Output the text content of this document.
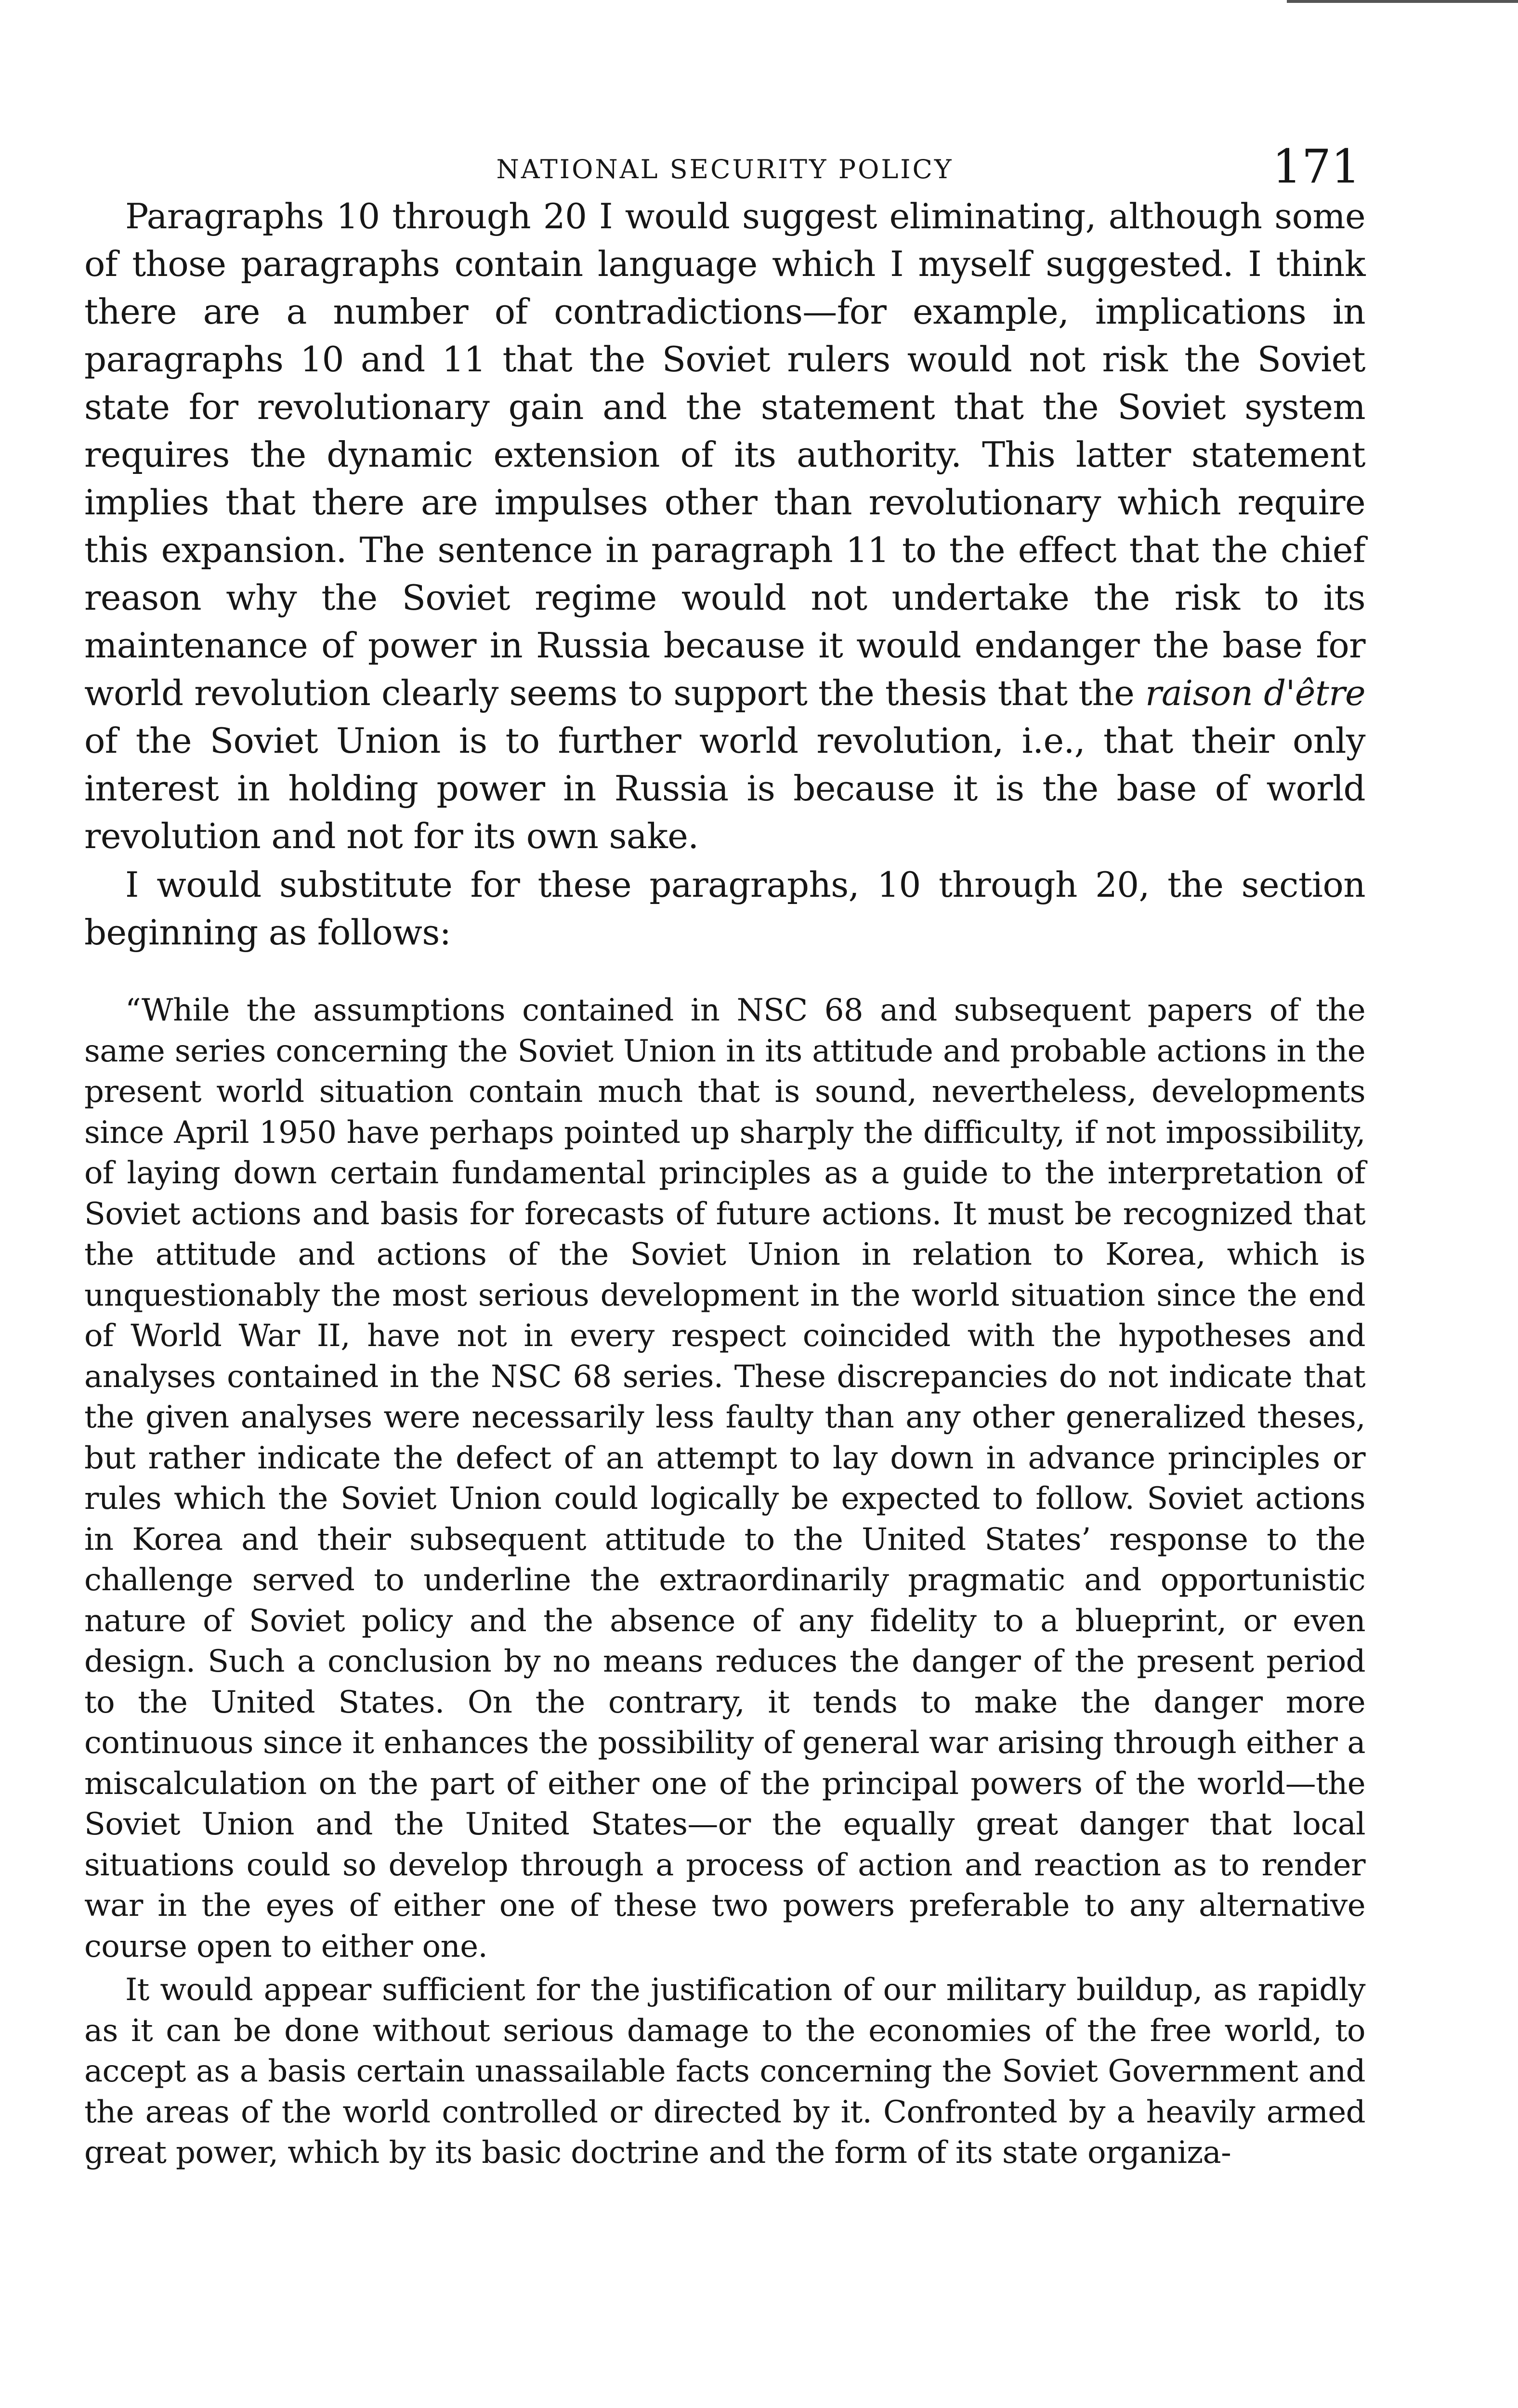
NATIONAL SECURITY POLICY	171

Paragraphs 10 through 20 I would suggest eliminating, although some of those paragraphs contain language which I myself suggested. I think there are a number of contradictions—for example, implications in paragraphs 10 and 11 that the Soviet rulers would not risk the Soviet state for revolutionary gain and the statement that the Soviet system requires the dynamic extension of its authority. This latter statement implies that there are impulses other than revolutionary which require this expansion. The sentence in paragraph 11 to the effect that the chief reason why the Soviet regime would not undertake the risk to its maintenance of power in Russia because it would endanger the base for world revolution clearly seems to support the thesis that the raison d'être of the Soviet Union is to further world revolution, i.e., that their only interest in holding power in Russia is because it is the base of world revolution and not for its own sake.

I would substitute for these paragraphs, 10 through 20, the section beginning as follows:

“While the assumptions contained in NSC 68 and subsequent papers of the same series concerning the Soviet Union in its attitude and probable actions in the present world situation contain much that is sound, nevertheless, developments since April 1950 have perhaps pointed up sharply the difficulty, if not impossibility, of laying down certain fundamental principles as a guide to the interpretation of Soviet actions and basis for forecasts of future actions. It must be recognized that the attitude and actions of the Soviet Union in relation to Korea, which is unquestionably the most serious development in the world situation since the end of World War II, have not in every respect coincided with the hypotheses and analyses contained in the NSC 68 series. These discrepancies do not indicate that the given analyses were necessarily less faulty than any other generalized theses, but rather indicate the defect of an attempt to lay down in advance principles or rules which the Soviet Union could logically be expected to follow. Soviet actions in Korea and their subsequent attitude to the United States’ response to the challenge served to underline the extraordinarily pragmatic and opportunistic nature of Soviet policy and the absence of any fidelity to a blueprint, or even design. Such a conclusion by no means reduces the danger of the present period to the United States. On the contrary, it tends to make the danger more continuous since it enhances the possibility of general war arising through either a miscalculation on the part of either one of the principal powers of the world—the Soviet Union and the United States—or the equally great danger that local situations could so develop through a process of action and reaction as to render war in the eyes of either one of these two powers preferable to any alternative course open to either one.

It would appear sufficient for the justification of our military buildup, as rapidly as it can be done without serious damage to the economies of the free world, to accept as a basis certain unassailable facts concerning the Soviet Government and the areas of the world controlled or directed by it. Confronted by a heavily armed great power, which by its basic doctrine and the form of its state organiza-
